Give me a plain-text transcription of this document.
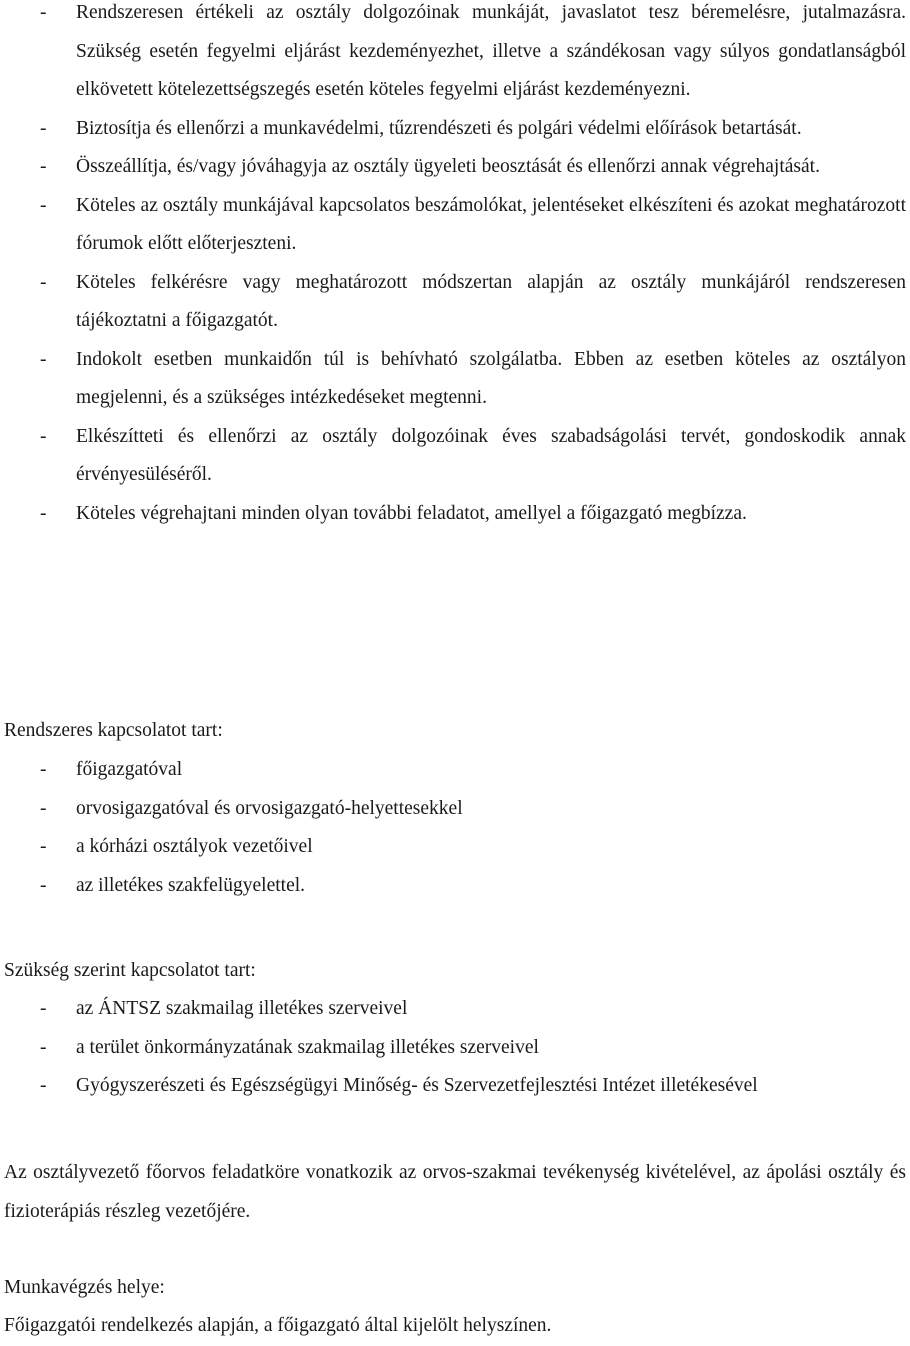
- Rendszeresen értékeli az osztály dolgozóinak munkáját, javaslatot tesz béremelésre, jutalmazásra. Szükség esetén fegyelmi eljárást kezdeményezhet, illetve a szándékosan vagy súlyos gondatlanságból elkövetett kötelezettségszegés esetén köteles fegyelmi eljárást kezdeményezni.
- Biztosítja és ellenőrzi a munkavédelmi, tűzrendészeti és polgári védelmi előírások betartását.
- Összeállítja, és/vagy jóváhagyja az osztály ügyeleti beosztását és ellenőrzi annak végrehajtását.
- Köteles az osztály munkájával kapcsolatos beszámolókat, jelentéseket elkészíteni és azokat meghatározott fórumok előtt előterjeszteni.
- Köteles felkérésre vagy meghatározott módszertan alapján az osztály munkájáról rendszeresen tájékoztatni a főigazgatót.
- Indokolt esetben munkaidőn túl is behívható szolgálatba. Ebben az esetben köteles az osztályon megjelenni, és a szükséges intézkedéseket megtenni.
- Elkészítteti és ellenőrzi az osztály dolgozóinak éves szabadságolási tervét, gondoskodik annak érvényesüléséről.
- Köteles végrehajtani minden olyan további feladatot, amellyel a főigazgató megbízza.

Rendszeres kapcsolatot tart:

- főigazgatóval
- orvosigazgatóval és orvosigazgató-helyettesekkel
- a kórházi osztályok vezetőivel
- az illetékes szakfelügyelettel.

Szükség szerint kapcsolatot tart:

- az ÁNTSZ szakmailag illetékes szerveivel
- a terület önkormányzatának szakmailag illetékes szerveivel
- Gyógyszerészeti és Egészségügyi Minőség- és Szervezetfejlesztési Intézet illetékesével

Az osztályvezető főorvos feladatköre vonatkozik az orvos-szakmai tevékenység kivételével, az ápolási osztály és fizioterápiás részleg vezetőjére.

Munkavégzés helye:

Főigazgatói rendelkezés alapján, a főigazgató által kijelölt helyszínen.
